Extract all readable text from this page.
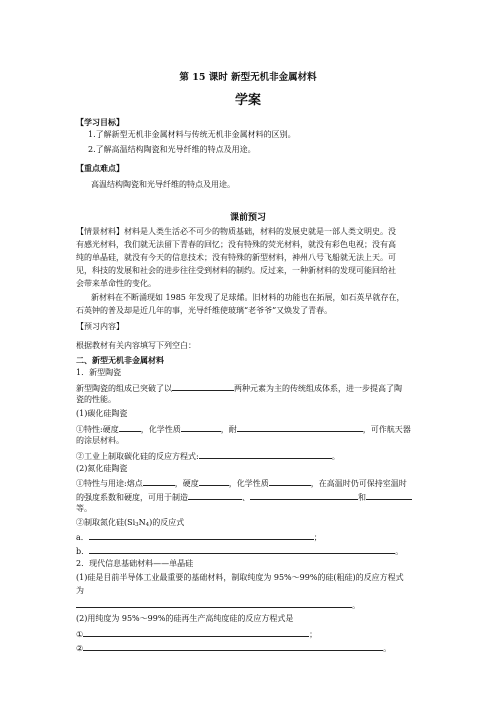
第 15 课时 新型无机非金属材料
学案
【学习目标】
1.了解新型无机非金属材料与传统无机非金属材料的区别。
2.了解高温结构陶瓷和光导纤维的特点及用途。
【重点难点】
高温结构陶瓷和光导纤维的特点及用途。
课前预习
【情景材料】材料是人类生活必不可少的物质基础，材料的发展史就是一部人类文明史。没
有感光材料，我们就无法留下青春的回忆；没有特殊的荧光材料，就没有彩色电视；没有高
纯的单晶硅，就没有今天的信息技术；没有特殊的新型材料，神州八号飞船就无法上天。可
见，科技的发展和社会的进步往往受到材料的制约。反过来，一种新材料的发现可能回给社
会带来革命性的变化。
新材料在不断涌现如 1985 年发现了足球烯。旧材料的功能也在拓展，如石英早就存在，
石英钟的普及却是近几年的事，光导纤维使玻璃“老爷爷”又焕发了青春。
【预习内容】
根据教材有关内容填写下列空白：
二、新型无机非金属材料
1．新型陶瓷
新型陶瓷的组成已突破了以	两种元素为主的传统组成体系，进一步提高了陶
瓷的性能。
(1)碳化硅陶瓷
①特性:硬度	，化学性质	，耐	，可作航天器
的涂层材料。
②工业上制取碳化硅的反应方程式:	。
(2)氮化硅陶瓷
①特性与用途:熔点	，硬度	，化学性质	，在高温时仍可保持室温时
的强度系数和硬度，可用于制造	、	和
等。
②制取氮化硅$(Si_3N_4)$的反应式
a．	；
b．	。
2．现代信息基础材料——单晶硅
(1)硅是目前半导体工业最重要的基础材料，制取纯度为 95%～99%的硅(粗硅)的反应方程式
为
。
(2)用纯度为 95%～99%的硅再生产高纯度硅的反应方程式是
①	；
②	。
